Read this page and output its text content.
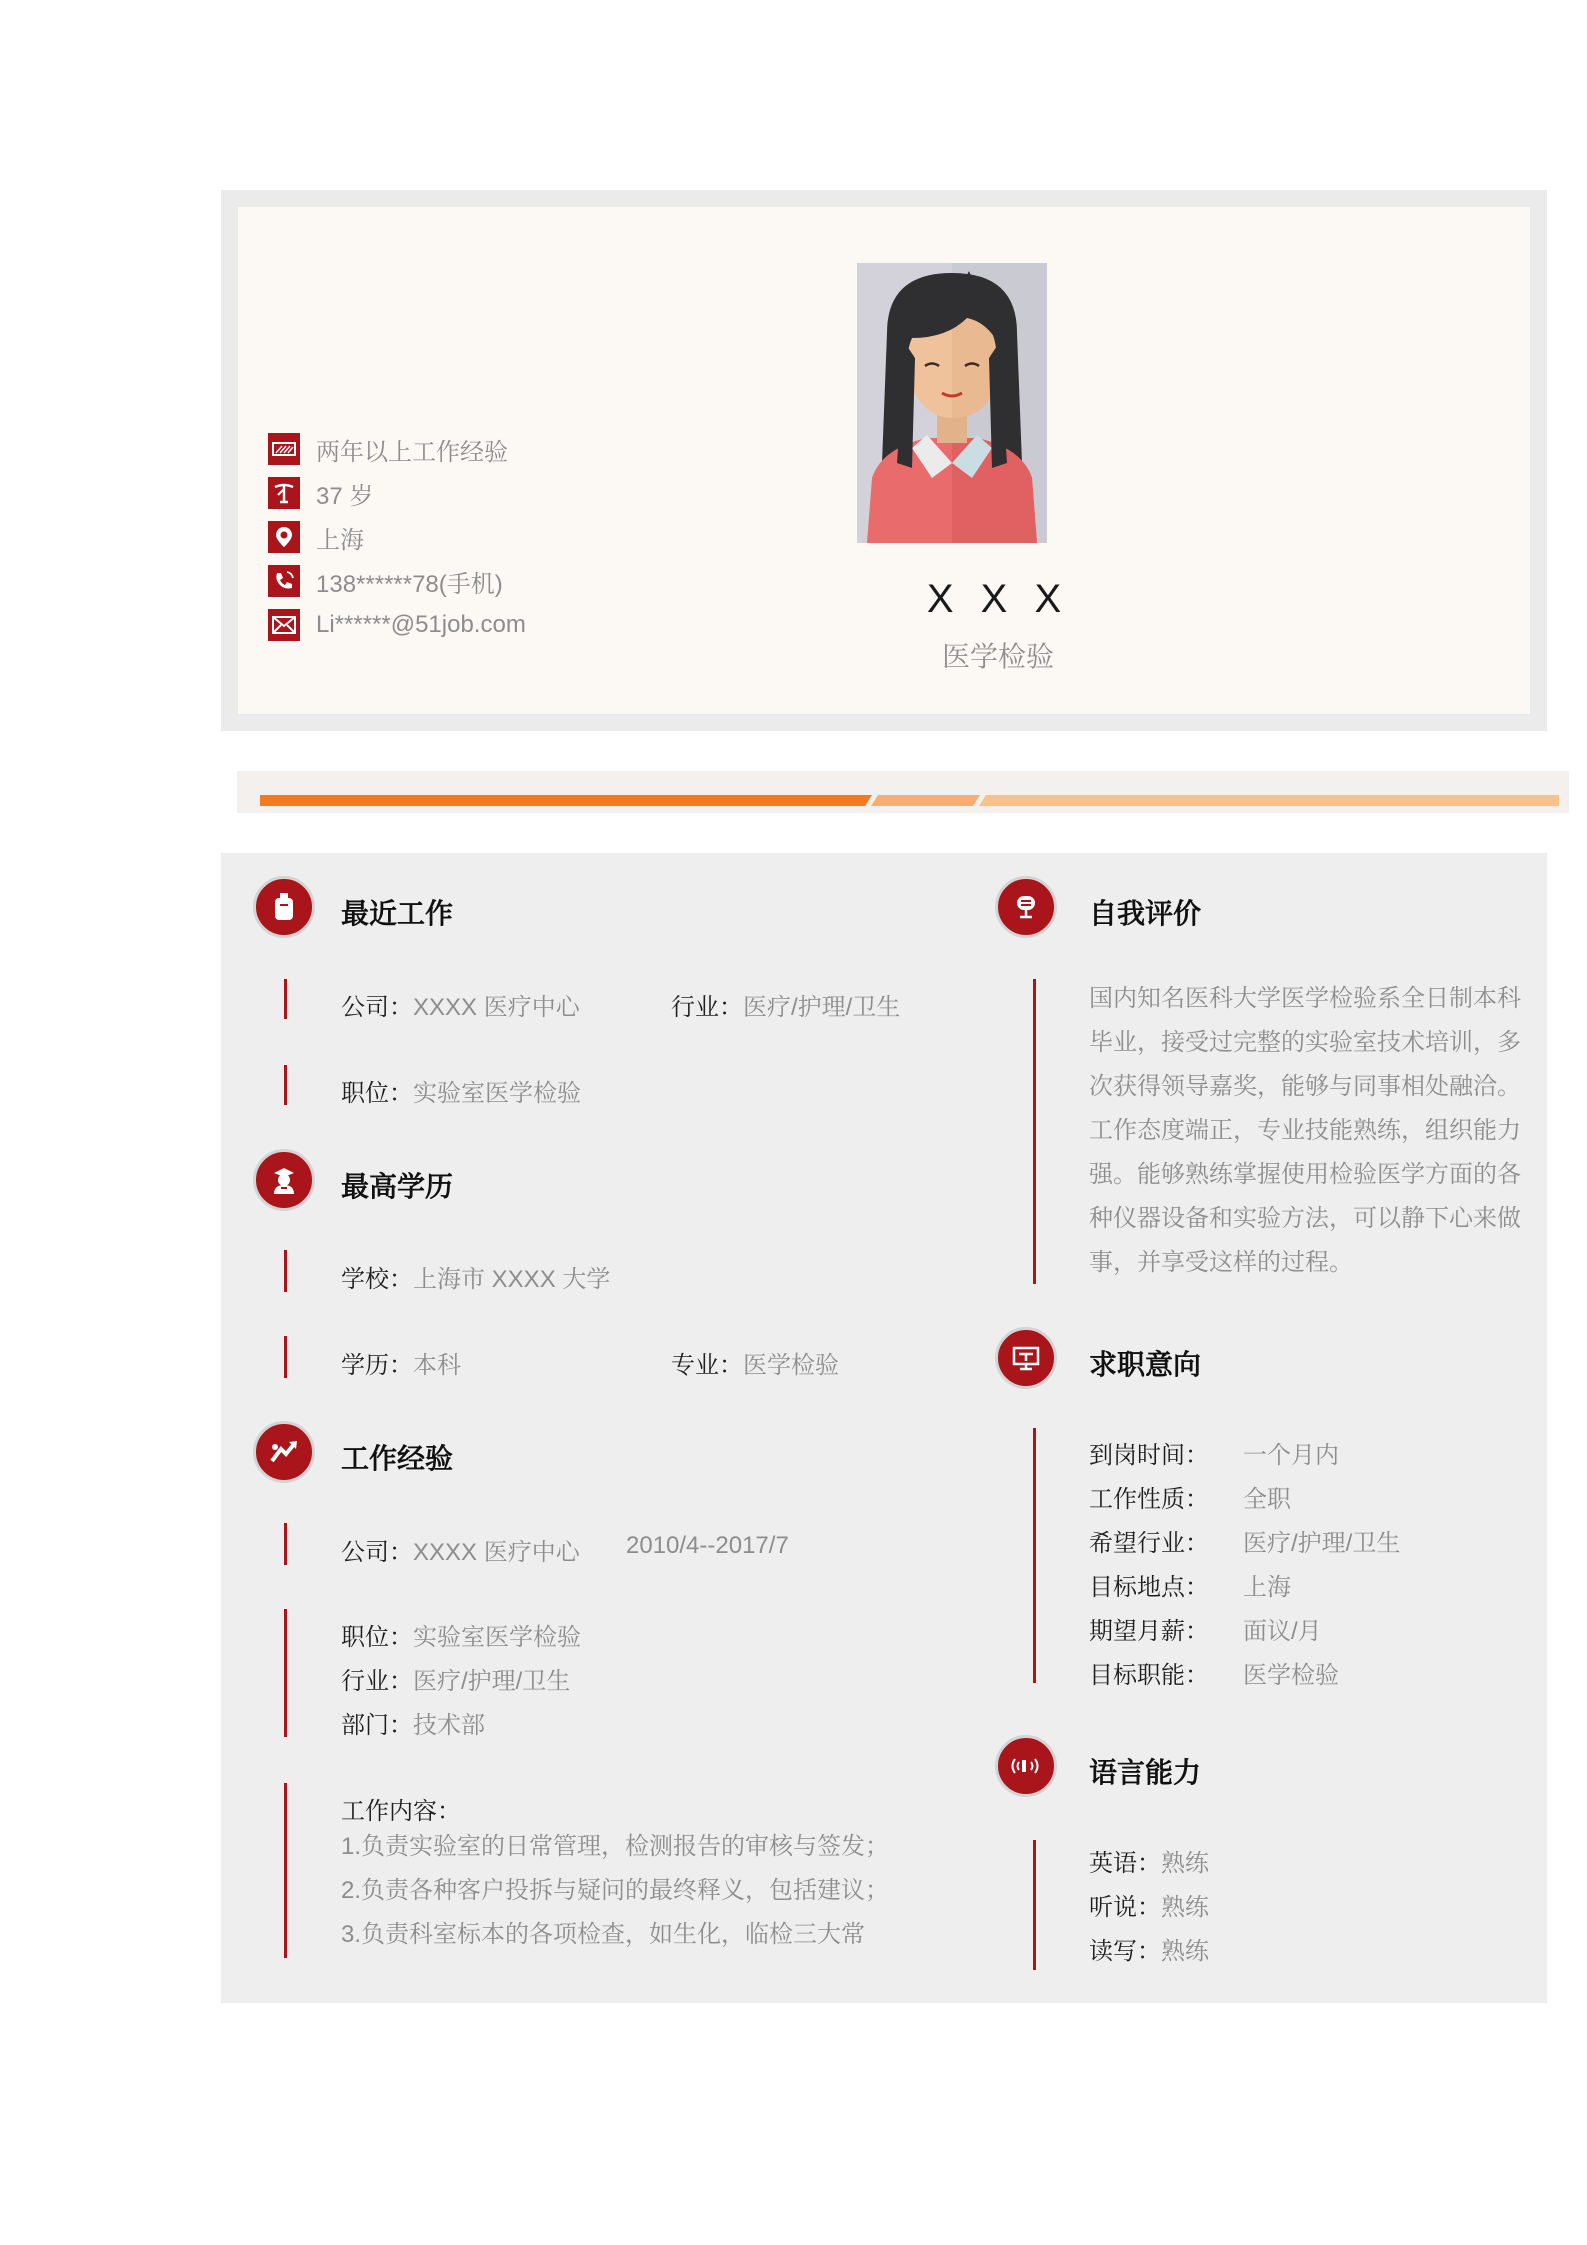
两年以上工作经验
37 岁
上海
138******78(手机)
Li******@51job.com
X X X
医学检验
最近工作
公司：XXXX 医疗中心	行业：医疗/护理/卫生
职位：实验室医学检验
最高学历
学校：上海市 XXXX 大学
学历：本科	专业：医学检验
工作经验
公司：XXXX 医疗中心 2010/4--2017/7
职位：实验室医学检验
行业：医疗/护理/卫生
部门：技术部
工作内容：
1.负责实验室的日常管理，检测报告的审核与签发；
2.负责各种客户投拆与疑问的最终释义，包括建议；
3.负责科室标本的各项检查，如生化，临检三大常
自我评价
国内知名医科大学医学检验系全日制本科
毕业，接受过完整的实验室技术培训，多
次获得领导嘉奖，能够与同事相处融洽。
工作态度端正，专业技能熟练，组织能力
强。能够熟练掌握使用检验医学方面的各
种仪器设备和实验方法，可以静下心来做
事，并享受这样的过程。
求职意向
到岗时间：	一个月内
工作性质：	全职
希望行业：	医疗/护理/卫生
目标地点：	上海
期望月薪：	面议/月
目标职能：	医学检验
语言能力
英语：熟练
听说：熟练
读写：熟练
